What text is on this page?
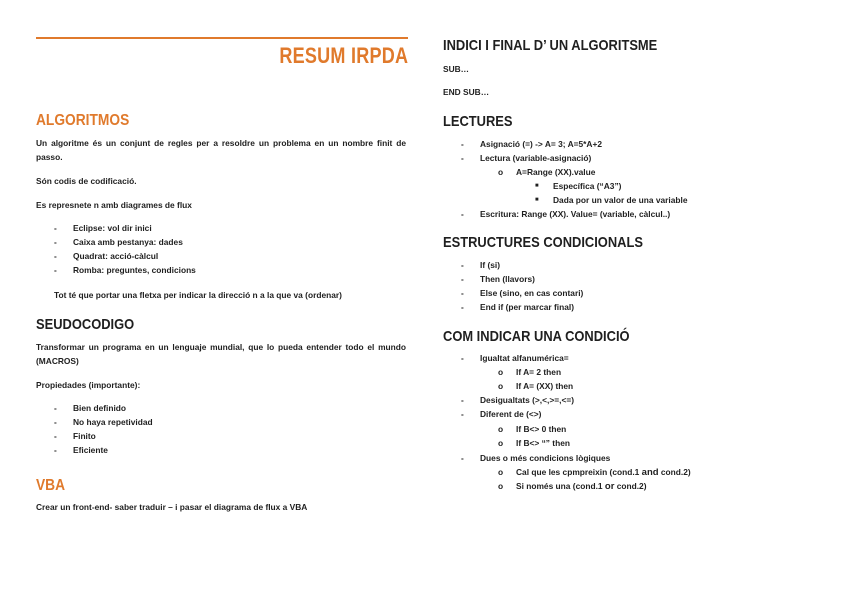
RESUM IRPDA
ALGORITMOS
Un algoritme és un conjunt de regles per a resoldre un problema en un nombre finit de passo.
Són codis de codificació.
Es represnete n amb diagrames de flux
- Eclipse: vol dir inici
- Caixa amb pestanya: dades
- Quadrat: acció-càlcul
- Romba: preguntes, condicions
Tot té que portar una fletxa per indicar la direcció n a la que va (ordenar)
SEUDOCODIGO
Transformar un programa en un lenguaje mundial, que lo pueda entender todo el mundo (MACROS)
Propiedades (importante):
- Bien definido
- No haya repetividad
- Finito
- Eficiente
VBA
Crear un front-end- saber traduir – i pasar el diagrama de flux a VBA
INDICI I FINAL D’ UN ALGORITSME
SUB…
END SUB…
LECTURES
- Asignació (=) -> A= 3; A=5*A+2
- Lectura (variable-asignació)
o A=Range (XX).value
■ Específica (“A3”)
■ Dada por un valor de una variable
- Escritura: Range (XX). Value= (variable, càlcul..)
ESTRUCTURES CONDICIONALS
- If (si)
- Then (llavors)
- Else (sino, en cas contari)
- End if (per marcar final)
COM INDICAR UNA CONDICIÓ
- Igualtat alfanumérica=
o If A= 2 then
o If A= (XX) then
- Desigualtats (>,<,>=,<=)
- Diferent de (<>)
o If B<> 0 then
o If B<> “” then
- Dues o més condicions lògiques
o Cal que les cpmpreixin (cond.1 and cond.2)
o Si només una (cond.1 or cond.2)
